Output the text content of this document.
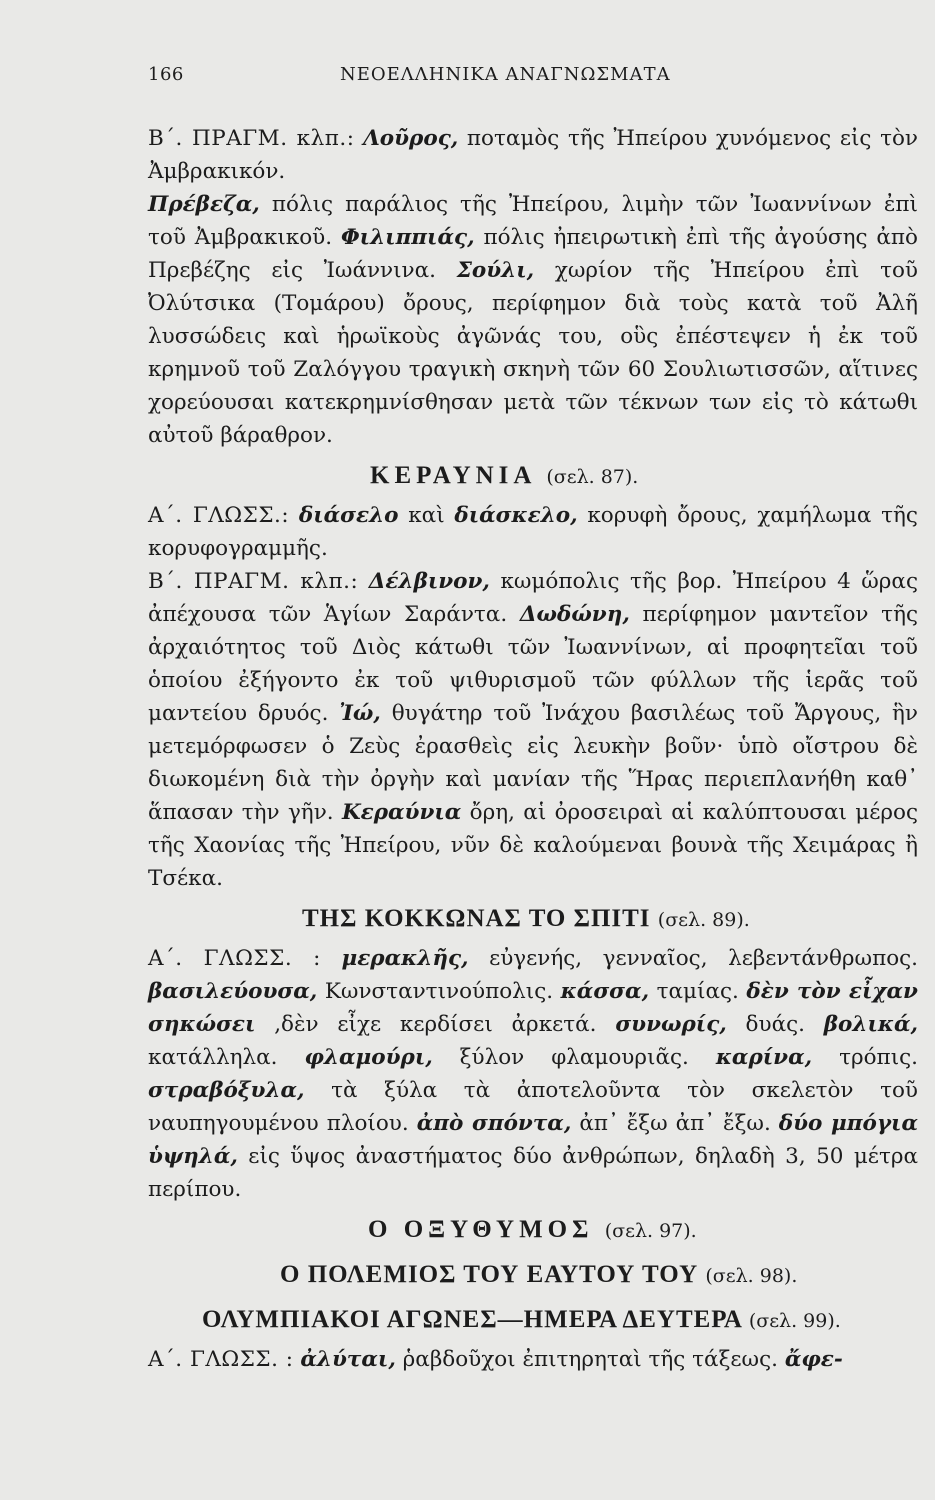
166	ΝΕΟΕΛΛΗΝΙΚΑ ΑΝΑΓΝΩΣΜΑΤΑ

Β΄. ΠΡΑΓΜ. κλπ.: Λοῦρος, ποταμὸς τῆς Ἠπείρου χυνόμενος εἰς τὸν Ἀμβρακικόν.

Πρέβεζα, πόλις παράλιος τῆς Ἠπείρου, λιμὴν τῶν Ἰωαννίνων ἐπὶ τοῦ Ἀμβρακικοῦ. Φιλιππιάς, πόλις ἠπειρωτικὴ ἐπὶ τῆς ἀγούσης ἀπὸ Πρεβέζης εἰς Ἰωάννινα. Σούλι, χωρίον τῆς Ἠπείρου ἐπὶ τοῦ Ὀλύτσικα (Τομάρου) ὄρους, περίφημον διὰ τοὺς κατὰ τοῦ Ἀλῆ λυσσώδεις καὶ ἡρωϊκοὺς ἀγῶνάς του, οὓς ἐπέστεψεν ἡ ἐκ τοῦ κρημνοῦ τοῦ Ζαλόγγου τραγικὴ σκηνὴ τῶν 60 Σουλιωτισσῶν, αἵτινες χορεύουσαι κατεκρημνίσθησαν μετὰ τῶν τέκνων των εἰς τὸ κάτωθι αὐτοῦ βάραθρον.

ΚΕΡΑΥΝΙΑ (σελ. 87).

Α΄. ΓΛΩΣΣ.: διάσελο καὶ διάσκελο, κορυφὴ ὄρους, χαμήλωμα τῆς κορυφογραμμῆς.

Β΄. ΠΡΑΓΜ. κλπ.: Δέλβινον, κωμόπολις τῆς βορ. Ἠπείρου 4 ὥρας ἀπέχουσα τῶν Ἁγίων Σαράντα. Δωδώνη, περίφημον μαντεῖον τῆς ἀρχαιότητος τοῦ Διὸς κάτωθι τῶν Ἰωαννίνων, αἱ προφητεῖαι τοῦ ὁποίου ἐξήγοντο ἐκ τοῦ ψιθυρισμοῦ τῶν φύλλων τῆς ἱερᾶς τοῦ μαντείου δρυός. Ἰώ, θυγάτηρ τοῦ Ἰνάχου βασιλέως τοῦ Ἄργους, ἣν μετεμόρφωσεν ὁ Ζεὺς ἐρασθεὶς εἰς λευκὴν βοῦν· ὑπὸ οἴστρου δὲ διωκομένη διὰ τὴν ὀργὴν καὶ μανίαν τῆς Ἥρας περιεπλανήθη καθ᾽ ἅπασαν τὴν γῆν. Κεραύνια ὄρη, αἱ ὀροσειραὶ αἱ καλύπτουσαι μέρος τῆς Χαονίας τῆς Ἠπείρου, νῦν δὲ καλούμεναι βουνὰ τῆς Χειμάρας ἢ Τσέκα.

ΤΗΣ ΚΟΚΚΩΝΑΣ ΤΟ ΣΠΙΤΙ (σελ. 89).

Α΄. ΓΛΩΣΣ. : μερακλῆς, εὐγενής, γενναῖος, λεβεντάνθρωπος. βασιλεύουσα, Κωνσταντινούπολις. κάσσα, ταμίας. δὲν τὸν εἶχαν σηκώσει ,δὲν εἶχε κερδίσει ἀρκετά. συνωρίς, δυάς. βολικά, κατάλληλα. φλαμούρι, ξύλον φλαμουριᾶς. καρίνα, τρόπις. στραβόξυλα, τὰ ξύλα τὰ ἀποτελοῦντα τὸν σκελετὸν τοῦ ναυπηγουμένου πλοίου. ἀπὸ σπόντα, ἀπ᾽ ἔξω ἀπ᾽ ἔξω. δύο μπόγια ὑψηλά, εἰς ὕψος ἀναστήματος δύο ἀνθρώπων, δηλαδὴ 3, 50 μέτρα περίπου.

Ο ΟΞΥΘΥΜΟΣ (σελ. 97).
Ο ΠΟΛΕΜΙΟΣ ΤΟΥ ΕΑΥΤΟΥ ΤΟΥ (σελ. 98).
ΟΛΥΜΠΙΑΚΟΙ ΑΓΩΝΕΣ—ΗΜΕΡΑ ΔΕΥΤΕΡΑ (σελ. 99).

Α΄. ΓΛΩΣΣ. : ἀλύται, ῥαβδοῦχοι ἐπιτηρηταὶ τῆς τάξεως. ἄφε-
